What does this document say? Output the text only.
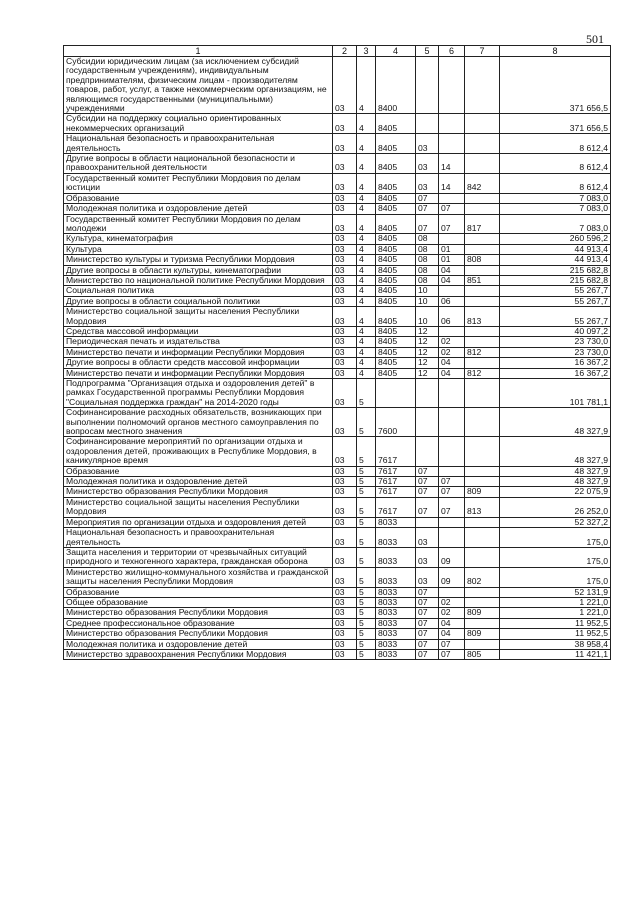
501
1	2	3	4	5	6	7	8
Субсидии юридическим лицам (за исключением субсидий государственным учреждениям), индивидуальным предпринимателям, физическим лицам - производителям товаров, работ, услуг, а также некоммерческим организациям, не являющимся государственными (муниципальными) учреждениями	03	4	8400				371 656,5
Субсидии на поддержку социально ориентированных некоммерческих организаций	03	4	8405				371 656,5
Национальная безопасность и правоохранительная деятельность	03	4	8405	03			8 612,4
Другие вопросы в области национальной безопасности и правоохранительной деятельности	03	4	8405	03	14		8 612,4
Государственный комитет Республики Мордовия по делам юстиции	03	4	8405	03	14	842	8 612,4
Образование	03	4	8405	07			7 083,0
Молодежная политика и оздоровление детей	03	4	8405	07	07		7 083,0
Государственный комитет Республики Мордовия по делам молодежи	03	4	8405	07	07	817	7 083,0
Культура, кинематография	03	4	8405	08			260 596,2
Культура	03	4	8405	08	01		44 913,4
Министерство культуры и туризма Республики Мордовия	03	4	8405	08	01	808	44 913,4
Другие вопросы в области культуры, кинематографии	03	4	8405	08	04		215 682,8
Министерство по национальной политике Республики Мордовия	03	4	8405	08	04	851	215 682,8
Социальная политика	03	4	8405	10			55 267,7
Другие вопросы в области социальной политики	03	4	8405	10	06		55 267,7
Министерство социальной защиты населения Республики Мордовия	03	4	8405	10	06	813	55 267,7
Средства массовой информации	03	4	8405	12			40 097,2
Периодическая печать и издательства	03	4	8405	12	02		23 730,0
Министерство печати и информации Республики Мордовия	03	4	8405	12	02	812	23 730,0
Другие вопросы в области средств массовой информации	03	4	8405	12	04		16 367,2
Министерство печати и информации Республики Мордовия	03	4	8405	12	04	812	16 367,2
Подпрограмма "Организация отдыха и оздоровления детей" в рамках Государственной программы Республики Мордовия "Социальная поддержка граждан" на 2014-2020 годы	03	5					101 781,1
Софинансирование расходных обязательств, возникающих при выполнении полномочий органов местного самоуправления по вопросам местного значения	03	5	7600				48 327,9
Софинансирование мероприятий по организации отдыха и оздоровления детей, проживающих в Республике Мордовия, в каникулярное время	03	5	7617				48 327,9
Образование	03	5	7617	07			48 327,9
Молодежная политика и оздоровление детей	03	5	7617	07	07		48 327,9
Министерство образования Республики Мордовия	03	5	7617	07	07	809	22 075,9
Министерство социальной защиты населения Республики Мордовия	03	5	7617	07	07	813	26 252,0
Мероприятия по организации отдыха и оздоровления детей	03	5	8033				52 327,2
Национальная безопасность и правоохранительная деятельность	03	5	8033	03			175,0
Защита населения и территории от чрезвычайных ситуаций природного и техногенного характера, гражданская оборона	03	5	8033	03	09		175,0
Министерство жилищно-коммунального хозяйства и гражданской защиты населения Республики Мордовия	03	5	8033	03	09	802	175,0
Образование	03	5	8033	07			52 131,9
Общее образование	03	5	8033	07	02		1 221,0
Министерство образования Республики Мордовия	03	5	8033	07	02	809	1 221,0
Среднее профессиональное образование	03	5	8033	07	04		11 952,5
Министерство образования Республики Мордовия	03	5	8033	07	04	809	11 952,5
Молодежная политика и оздоровление детей	03	5	8033	07	07		38 958,4
Министерство здравоохранения Республики Мордовия	03	5	8033	07	07	805	11 421,1
